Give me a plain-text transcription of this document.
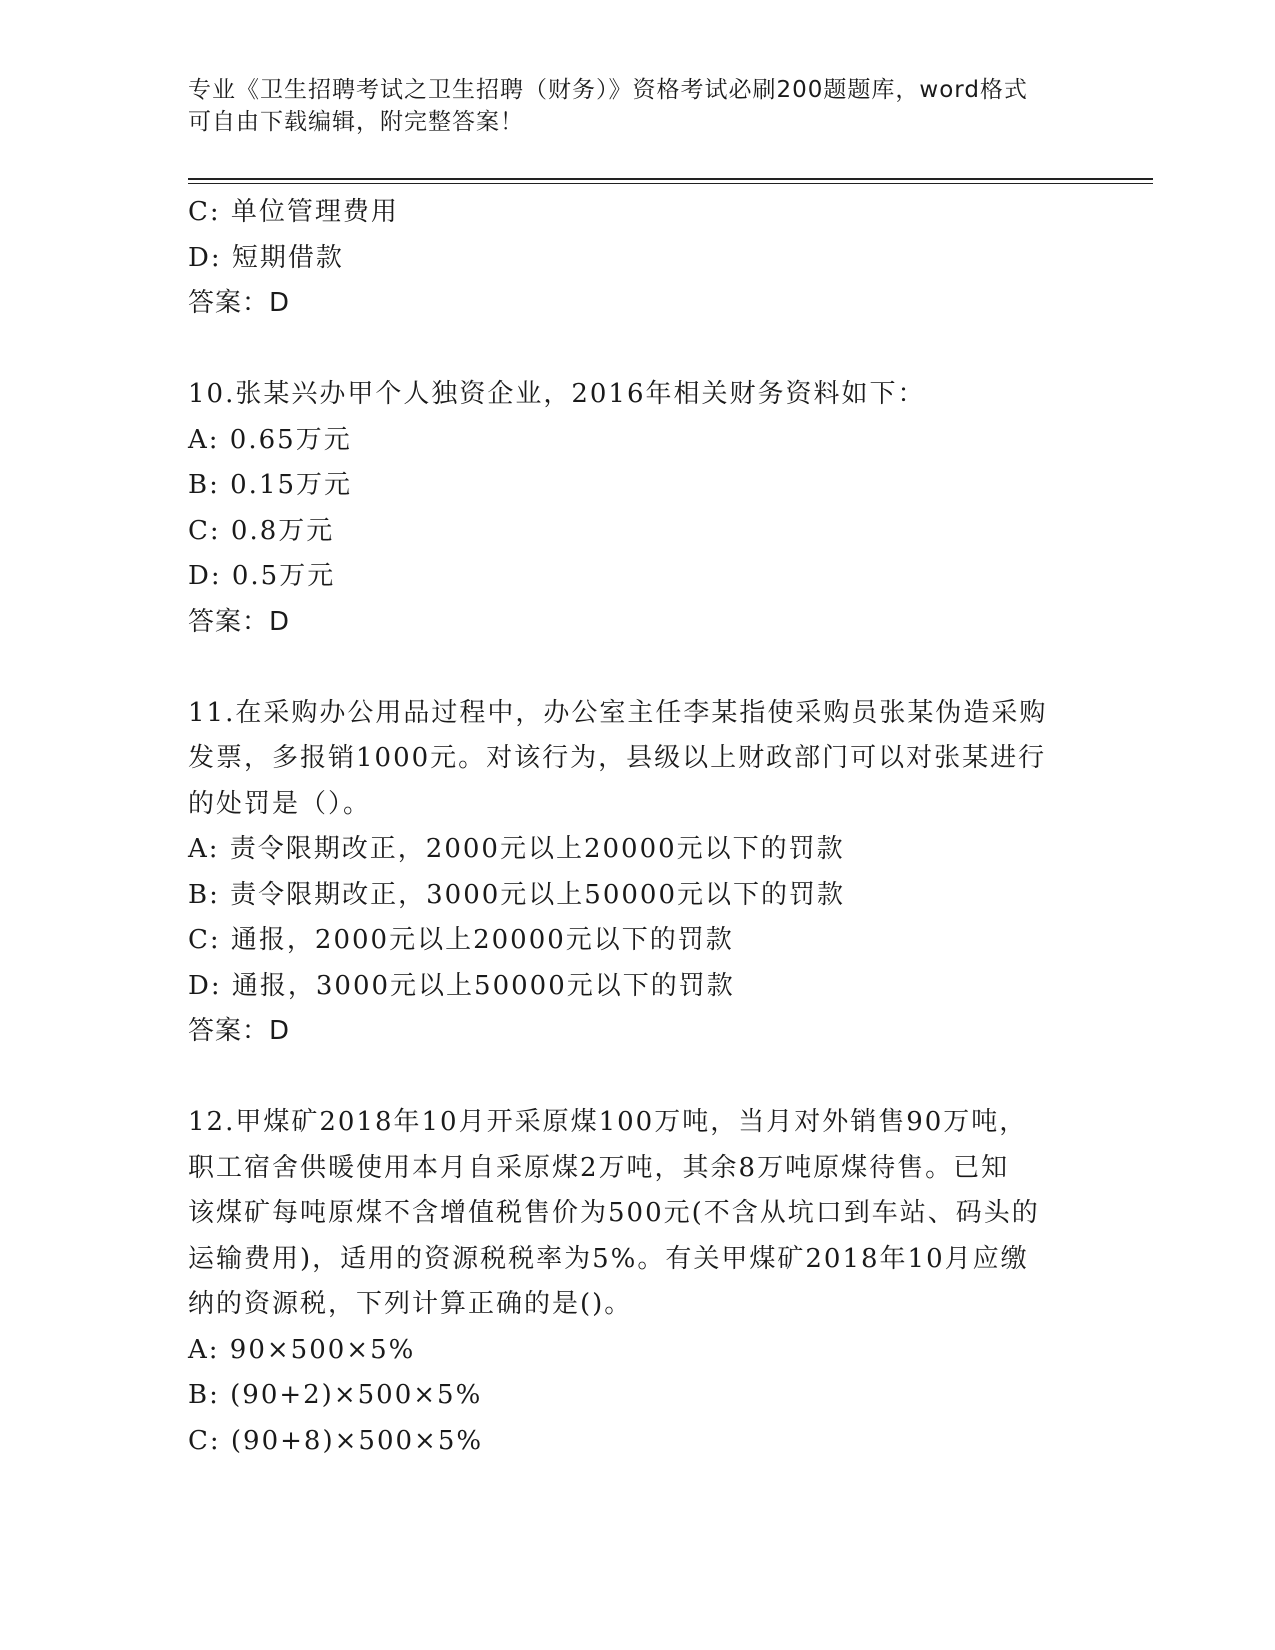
专业《卫生招聘考试之卫生招聘（财务）》资格考试必刷200题题库，word格式
可自由下载编辑，附完整答案！
C: 单位管理费用
D: 短期借款
答案：D
10.张某兴办甲个人独资企业，2016年相关财务资料如下：
A: 0.65万元
B: 0.15万元
C: 0.8万元
D: 0.5万元
答案：D
11.在采购办公用品过程中，办公室主任李某指使采购员张某伪造采购
发票，多报销1000元。对该行为，县级以上财政部门可以对张某进行
的处罚是（）。
A: 责令限期改正，2000元以上20000元以下的罚款
B: 责令限期改正，3000元以上50000元以下的罚款
C: 通报，2000元以上20000元以下的罚款
D: 通报，3000元以上50000元以下的罚款
答案：D
12.甲煤矿2018年10月开采原煤100万吨，当月对外销售90万吨，
职工宿舍供暖使用本月自采原煤2万吨，其余8万吨原煤待售。已知
该煤矿每吨原煤不含增值税售价为500元(不含从坑口到车站、码头的
运输费用)，适用的资源税税率为5%。有关甲煤矿2018年10月应缴
纳的资源税，下列计算正确的是()。
A: 90×500×5%
B: (90+2)×500×5%
C: (90+8)×500×5%
